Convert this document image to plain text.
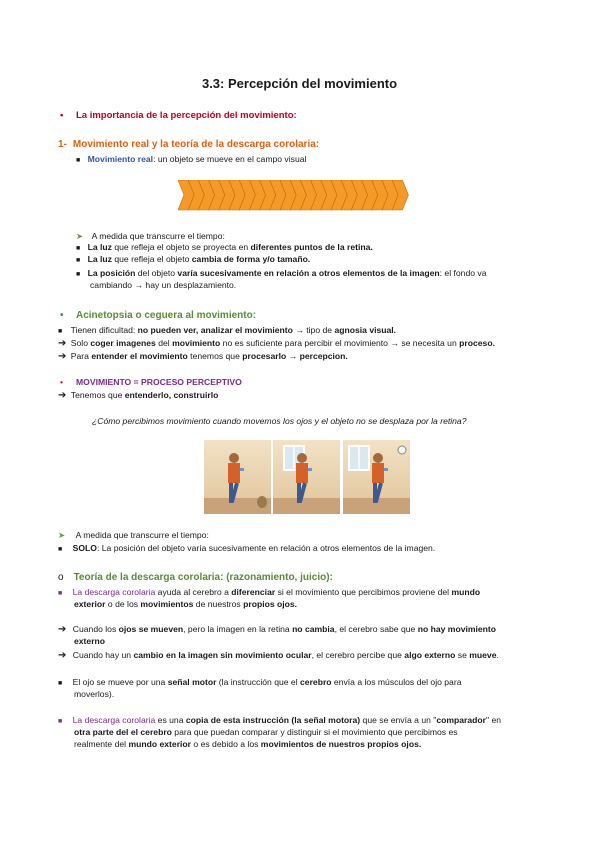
3.3: Percepción del movimiento
• La importancia de la percepción del movimiento:
1- Movimiento real y la teoría de la descarga corolaria:
■ Movimiento real: un objeto se mueve en el campo visual
➤ A medida que transcurre el tiempo:
■ La luz que refleja el objeto se proyecta en diferentes puntos de la retina.
■ La luz que refleja el objeto cambia de forma y/o tamaño.
■ La posición del objeto varía sucesivamente en relación a otros elementos de la imagen: el fondo va
cambiando → hay un desplazamiento.
• Acinetopsia o ceguera al movimiento:
■ Tienen dificultad: no pueden ver, analizar el movimiento → tipo de agnosia visual.
➔ Solo coger imagenes del movimiento no es suficiente para percibir el movimiento → se necesita un proceso.
➔ Para entender el movimiento tenemos que procesarlo → percepcion.
• MOVIMIENTO = PROCESO PERCEPTIVO
➔ Tenemos que entenderlo, construirlo
¿Cómo percibimos movimiento cuando movemos los ojos y el objeto no se desplaza por la retina?
➤ A medida que transcurre el tiempo:
■ SOLO: La posición del objeto varía sucesivamente en relación a otros elementos de la imagen.
o Teoría de la descarga corolaria: (razonamiento, juicio):
■ La descarga corolaria ayuda al cerebro a diferenciar si el movimiento que percibimos proviene del mundo
exterior o de los movimientos de nuestros propios ojos.
➔ Cuando los ojos se mueven, pero la imagen en la retina no cambia, el cerebro sabe que no hay movimiento
externo
➔ Cuando hay un cambio en la imagen sin movimiento ocular, el cerebro percibe que algo externo se mueve.
■ El ojo se mueve por una señal motor (la instrucción que el cerebro envía a los músculos del ojo para
moverlos).
■ La descarga corolaria es una copia de esta instrucción (la señal motora) que se envía a un "comparador" en
otra parte del el cerebro para que puedan comparar y distinguir si el movimiento que percibimos es
realmente del mundo exterior o es debido a los movimientos de nuestros propios ojos.
